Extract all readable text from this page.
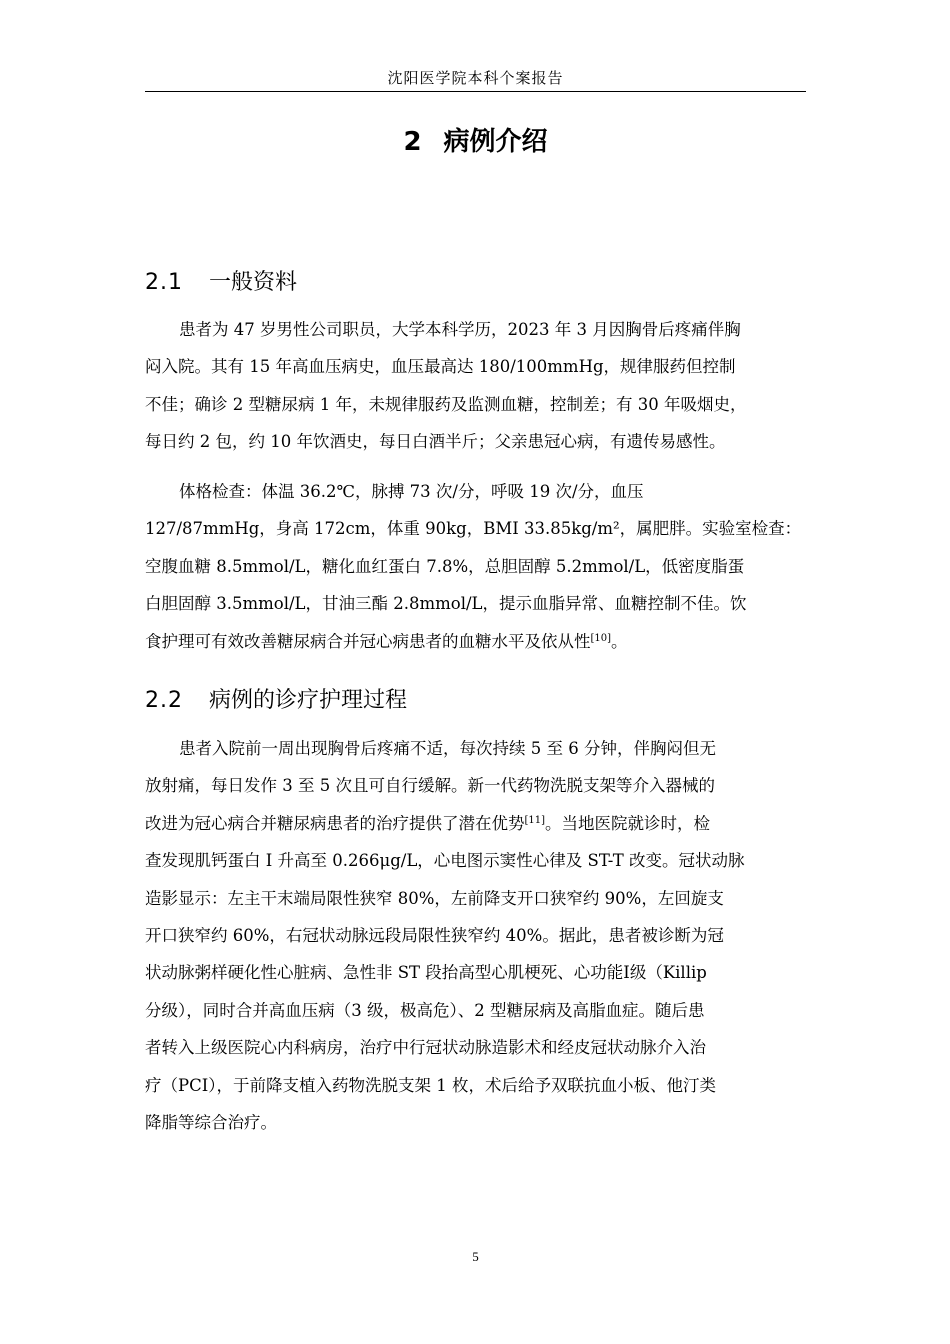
沈阳医学院本科个案报告
2 病例介绍
2.1 一般资料
患者为 47 岁男性公司职员，大学本科学历，2023 年 3 月因胸骨后疼痛伴胸
闷入院。其有 15 年高血压病史，血压最高达 180/100mmHg，规律服药但控制
不佳；确诊 2 型糖尿病 1 年，未规律服药及监测血糖，控制差；有 30 年吸烟史，
每日约 2 包，约 10 年饮酒史，每日白酒半斤；父亲患冠心病，有遗传易感性。
体格检查：体温 36.2℃，脉搏 73 次/分，呼吸 19 次/分，血压
127/87mmHg，身高 172cm，体重 90kg，BMI 33.85kg/m²，属肥胖。实验室检查：
空腹血糖 8.5mmol/L，糖化血红蛋白 7.8%，总胆固醇 5.2mmol/L，低密度脂蛋
白胆固醇 3.5mmol/L，甘油三酯 2.8mmol/L，提示血脂异常、血糖控制不佳。饮
食护理可有效改善糖尿病合并冠心病患者的血糖水平及依从性[10]。
2.2 病例的诊疗护理过程
患者入院前一周出现胸骨后疼痛不适，每次持续 5 至 6 分钟，伴胸闷但无
放射痛，每日发作 3 至 5 次且可自行缓解。新一代药物洗脱支架等介入器械的
改进为冠心病合并糖尿病患者的治疗提供了潜在优势[11]。当地医院就诊时，检
查发现肌钙蛋白 I 升高至 0.266μg/L，心电图示窦性心律及 ST-T 改变。冠状动脉
造影显示：左主干末端局限性狭窄 80%，左前降支开口狭窄约 90%，左回旋支
开口狭窄约 60%，右冠状动脉远段局限性狭窄约 40%。据此，患者被诊断为冠
状动脉粥样硬化性心脏病、急性非 ST 段抬高型心肌梗死、心功能Ⅰ级（Killip
分级），同时合并高血压病（3 级，极高危）、2 型糖尿病及高脂血症。随后患
者转入上级医院心内科病房，治疗中行冠状动脉造影术和经皮冠状动脉介入治
疗（PCI），于前降支植入药物洗脱支架 1 枚，术后给予双联抗血小板、他汀类
降脂等综合治疗。
5
